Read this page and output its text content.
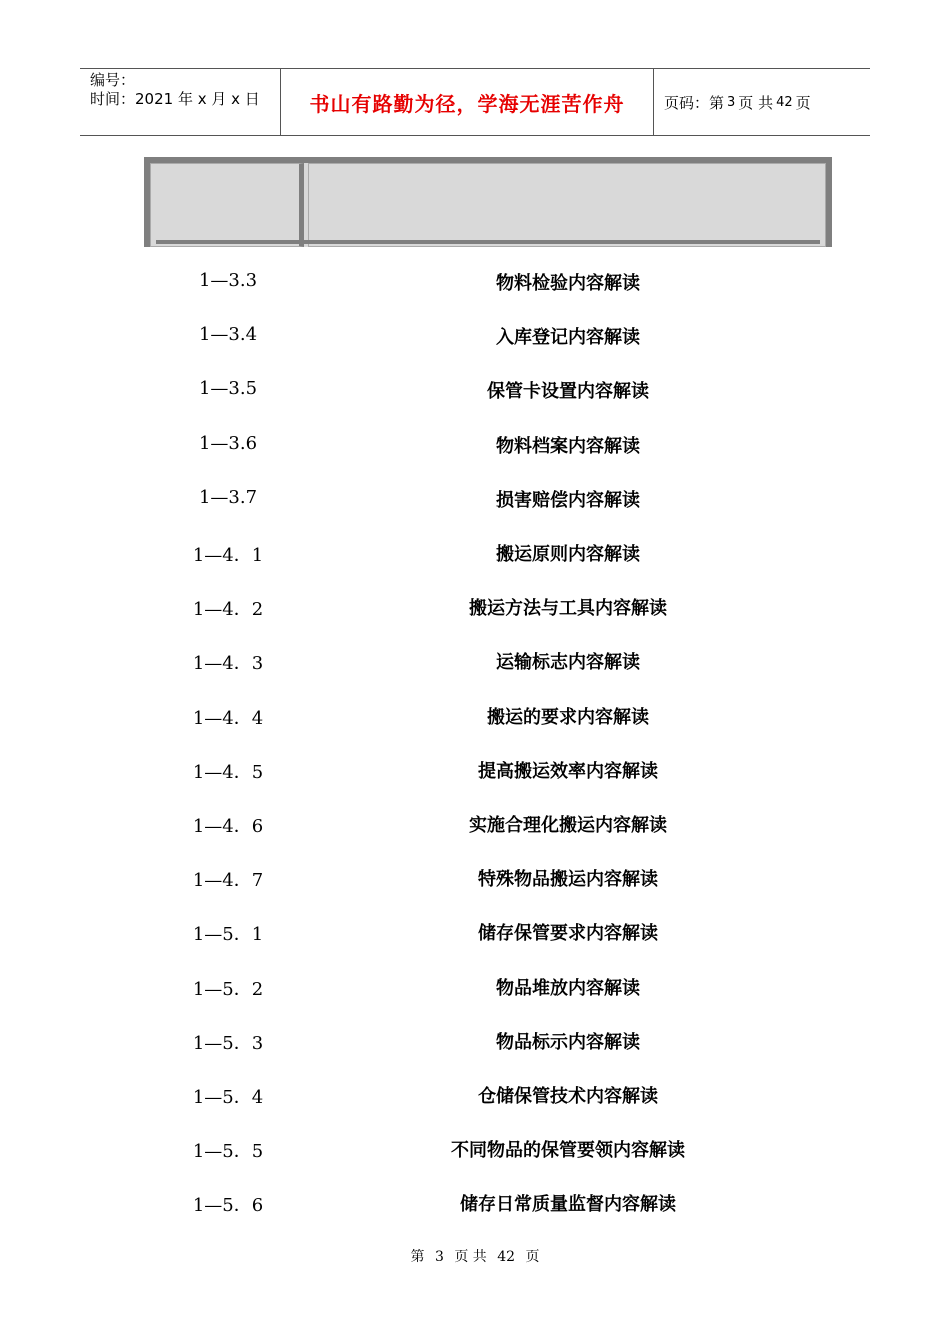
编号：
时间：2021 年 x 月 x 日	书山有路勤为径，学海无涯苦作舟	页码：第 3 页 共 42 页
1—3.3	物料检验内容解读
1—3.4	入库登记内容解读
1—3.5	保管卡设置内容解读
1—3.6	物料档案内容解读
1—3.7	损害赔偿内容解读
1—4．1	搬运原则内容解读
1—4．2	搬运方法与工具内容解读
1—4．3	运输标志内容解读
1—4．4	搬运的要求内容解读
1—4．5	提高搬运效率内容解读
1—4．6	实施合理化搬运内容解读
1—4．7	特殊物品搬运内容解读
1—5．1	储存保管要求内容解读
1—5．2	物品堆放内容解读
1—5．3	物品标示内容解读
1—5．4	仓储保管技术内容解读
1—5．5	不同物品的保管要领内容解读
1—5．6	储存日常质量监督内容解读
第 3 页 共 42 页
